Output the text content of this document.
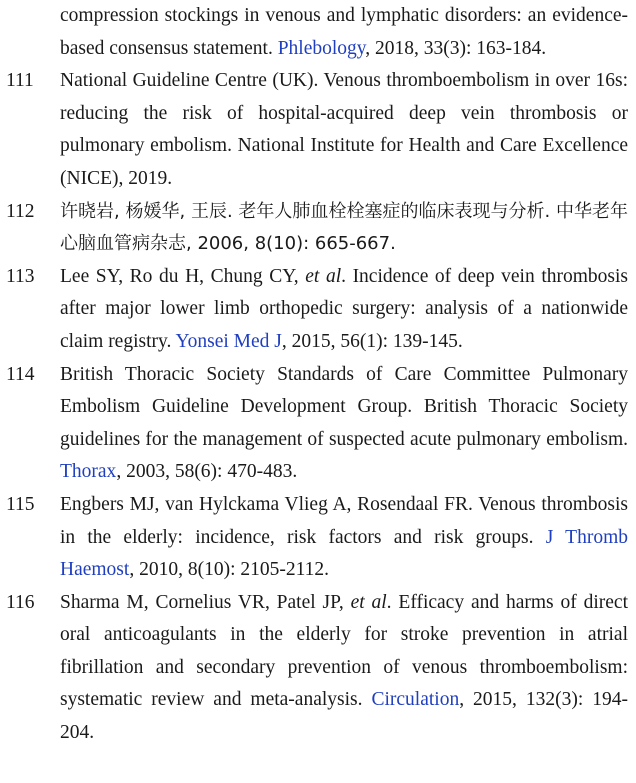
compression stockings in venous and lymphatic disorders: an evidence-based consensus statement. Phlebology, 2018, 33(3): 163-184.
111 National Guideline Centre (UK). Venous thromboembolism in over 16s: reducing the risk of hospital-acquired deep vein thrombosis or pulmonary embolism. National Institute for Health and Care Excellence (NICE), 2019.
112 许晓岩, 杨媛华, 王辰. 老年人肺血栓栓塞症的临床表现与分析. 中华老年心脑血管病杂志, 2006, 8(10): 665-667.
113 Lee SY, Ro du H, Chung CY, et al. Incidence of deep vein thrombosis after major lower limb orthopedic surgery: analysis of a nationwide claim registry. Yonsei Med J, 2015, 56(1): 139-145.
114 British Thoracic Society Standards of Care Committee Pulmonary Embolism Guideline Development Group. British Thoracic Society guidelines for the management of suspected acute pulmonary embolism. Thorax, 2003, 58(6): 470-483.
115 Engbers MJ, van Hylckama Vlieg A, Rosendaal FR. Venous thrombosis in the elderly: incidence, risk factors and risk groups. J Thromb Haemost, 2010, 8(10): 2105-2112.
116 Sharma M, Cornelius VR, Patel JP, et al. Efficacy and harms of direct oral anticoagulants in the elderly for stroke prevention in atrial fibrillation and secondary prevention of venous thromboembolism: systematic review and meta-analysis. Circulation, 2015, 132(3): 194-204.
